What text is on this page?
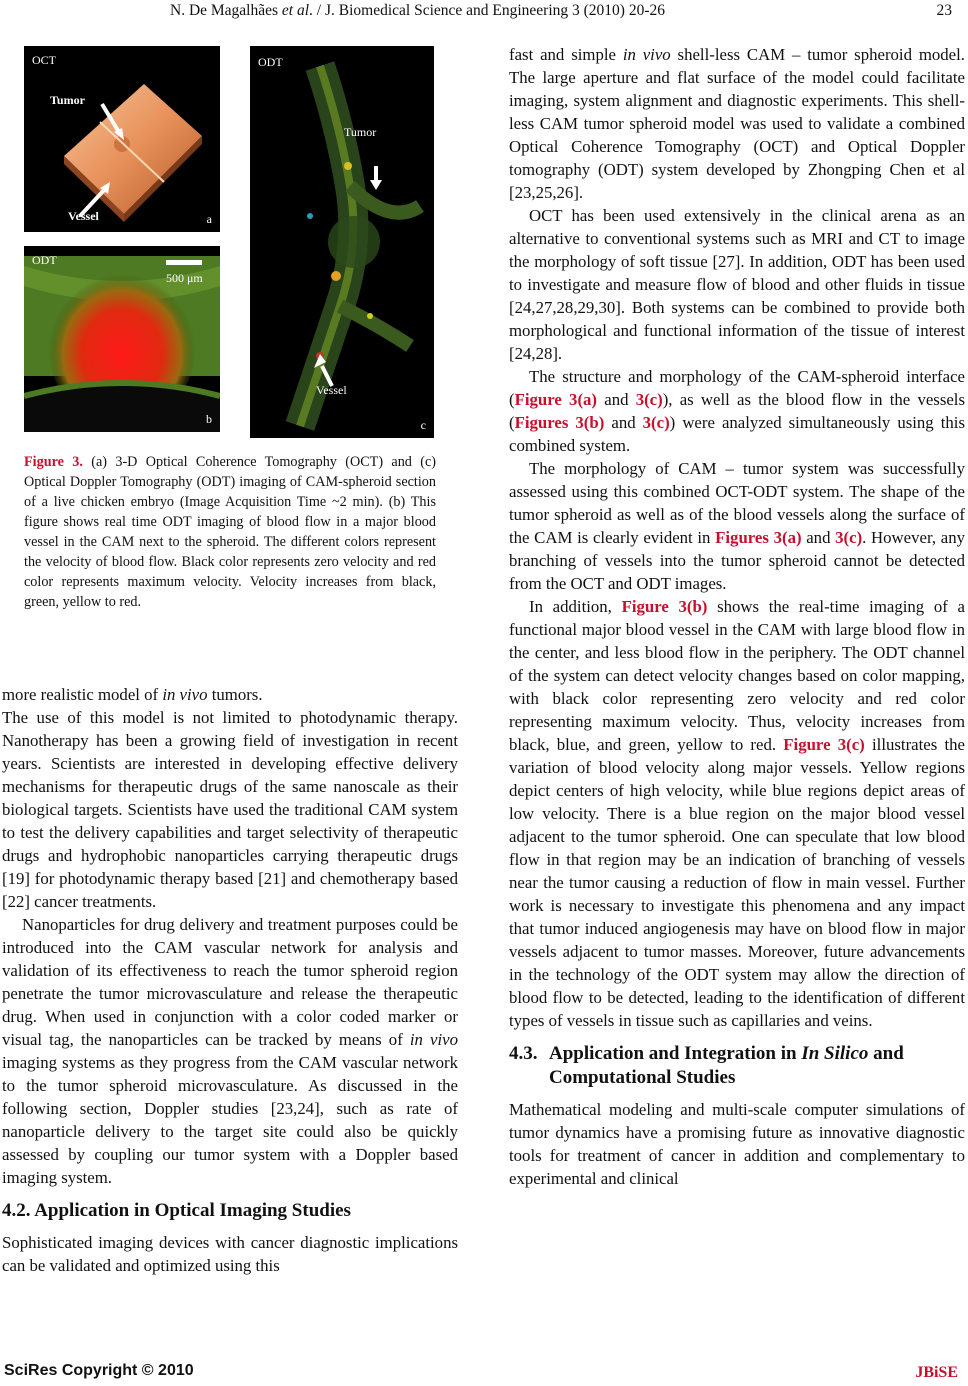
N. De Magalhães et al. / J. Biomedical Science and Engineering 3 (2010) 20-26	23
OCT
Tumor
Vessel	a
ODT
500 μm
b
ODT
Tumor
Vessel
c
Figure 3. (a) 3-D Optical Coherence Tomography (OCT) and (c) Optical Doppler Tomography (ODT) imaging of CAM-spheroid section of a live chicken embryo (Image Acquisition Time ~2 min). (b) This figure shows real time ODT imaging of blood flow in a major blood vessel in the CAM next to the spheroid. The different colors represent the velocity of blood flow. Black color represents zero velocity and red color represents maximum velocity. Velocity increases from black, green, yellow to red.

more realistic model of in vivo tumors.

The use of this model is not limited to photodynamic therapy. Nanotherapy has been a growing field of investigation in recent years. Scientists are interested in developing effective delivery mechanisms for therapeutic drugs of the same nanoscale as their biological targets. Scientists have used the traditional CAM system to test the delivery capabilities and target selectivity of therapeutic drugs and hydrophobic nanoparticles carrying therapeutic drugs [19] for photodynamic therapy based [21] and chemotherapy based [22] cancer treatments.

Nanoparticles for drug delivery and treatment purposes could be introduced into the CAM vascular network for analysis and validation of its effectiveness to reach the tumor spheroid region penetrate the tumor microvasculature and release the therapeutic drug. When used in conjunction with a color coded marker or visual tag, the nanoparticles can be tracked by means of in vivo imaging systems as they progress from the CAM vascular network to the tumor spheroid microvasculature. As discussed in the following section, Doppler studies [23,24], such as rate of nanoparticle delivery to the target site could also be quickly assessed by coupling our tumor system with a Doppler based imaging system.

4.2. Application in Optical Imaging Studies

Sophisticated imaging devices with cancer diagnostic implications can be validated and optimized using this

fast and simple in vivo shell-less CAM – tumor spheroid model. The large aperture and flat surface of the model could facilitate imaging, system alignment and diagnostic experiments. This shell-less CAM tumor spheroid model was used to validate a combined Optical Coherence Tomography (OCT) and Optical Doppler tomography (ODT) system developed by Zhongping Chen et al [23,25,26].

OCT has been used extensively in the clinical arena as an alternative to conventional systems such as MRI and CT to image the morphology of soft tissue [27]. In addition, ODT has been used to investigate and measure flow of blood and other fluids in tissue [24,27,28,29,30]. Both systems can be combined to provide both morphological and functional information of the tissue of interest [24,28].

The structure and morphology of the CAM-spheroid interface (Figure 3(a) and 3(c)), as well as the blood flow in the vessels (Figures 3(b) and 3(c)) were analyzed simultaneously using this combined system.

The morphology of CAM – tumor system was successfully assessed using this combined OCT-ODT system. The shape of the tumor spheroid as well as of the blood vessels along the surface of the CAM is clearly evident in Figures 3(a) and 3(c). However, any branching of vessels into the tumor spheroid cannot be detected from the OCT and ODT images.

In addition, Figure 3(b) shows the real-time imaging of a functional major blood vessel in the CAM with large blood flow in the center, and less blood flow in the periphery. The ODT channel of the system can detect velocity changes based on color mapping, with black color representing zero velocity and red color representing maximum velocity. Thus, velocity increases from black, blue, and green, yellow to red. Figure 3(c) illustrates the variation of blood velocity along major vessels. Yellow regions depict centers of high velocity, while blue regions depict areas of low velocity. There is a blue region on the major blood vessel adjacent to the tumor spheroid. One can speculate that low blood flow in that region may be an indication of branching of vessels near the tumor causing a reduction of flow in main vessel. Further work is necessary to investigate this phenomena and any impact that tumor induced angiogenesis may have on blood flow in major vessels adjacent to tumor masses. Moreover, future advancements in the technology of the ODT system may allow the direction of blood flow to be detected, leading to the identification of different types of vessels in tissue such as capillaries and veins.

4.3. Application and Integration in In Silico and Computational Studies

Mathematical modeling and multi-scale computer simulations of tumor dynamics have a promising future as innovative diagnostic tools for treatment of cancer in addition and complementary to experimental and clinical

SciRes Copyright © 2010	JBiSE
